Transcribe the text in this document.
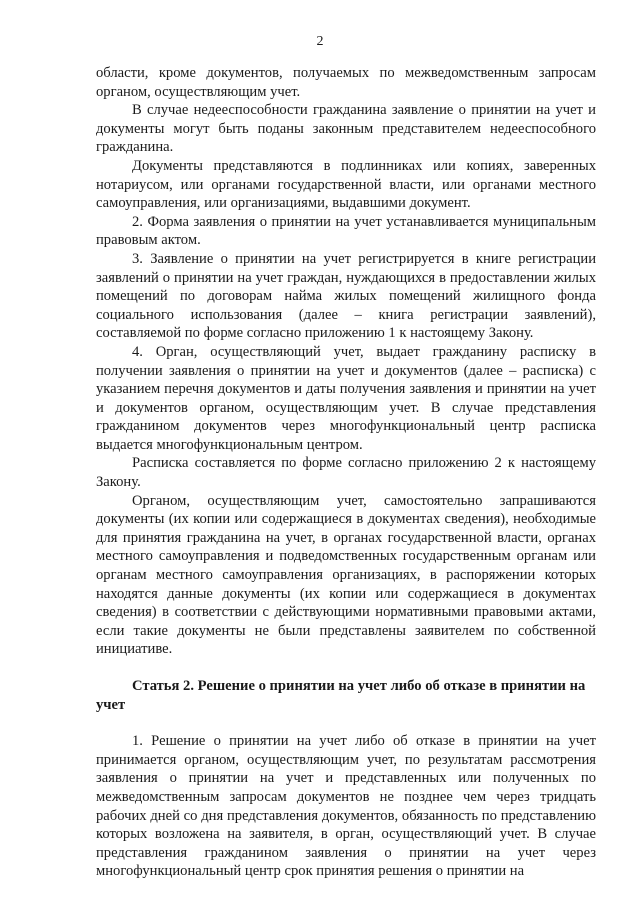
2

области, кроме документов, получаемых по межведомственным запросам органом, осуществляющим учет.

В случае недееспособности гражданина заявление о принятии на учет и документы могут быть поданы законным представителем недееспособного гражданина.

Документы представляются в подлинниках или копиях, заверенных нотариусом, или органами государственной власти, или органами местного самоуправления, или организациями, выдавшими документ.

2. Форма заявления о принятии на учет устанавливается муниципальным правовым актом.

3. Заявление о принятии на учет регистрируется в книге регистрации заявлений о принятии на учет граждан, нуждающихся в предоставлении жилых помещений по договорам найма жилых помещений жилищного фонда социального использования (далее – книга регистрации заявлений), составляемой по форме согласно приложению 1 к настоящему Закону.

4. Орган, осуществляющий учет, выдает гражданину расписку в получении заявления о принятии на учет и документов (далее – расписка) с указанием перечня документов и даты получения заявления и принятии на учет и документов органом, осуществляющим учет. В случае представления гражданином документов через многофункциональный центр расписка выдается многофункциональным центром.

Расписка составляется по форме согласно приложению 2 к настоящему Закону.

Органом, осуществляющим учет, самостоятельно запрашиваются документы (их копии или содержащиеся в документах сведения), необходимые для принятия гражданина на учет, в органах государственной власти, органах местного самоуправления и подведомственных государственным органам или органам местного самоуправления организациях, в распоряжении которых находятся данные документы (их копии или содержащиеся в документах сведения) в соответствии с действующими нормативными правовыми актами, если такие документы не были представлены заявителем по собственной инициативе.

Статья 2. Решение о принятии на учет либо об отказе в принятии на учет

1. Решение о принятии на учет либо об отказе в принятии на учет принимается органом, осуществляющим учет, по результатам рассмотрения заявления о принятии на учет и представленных или полученных по межведомственным запросам документов не позднее чем через тридцать рабочих дней со дня представления документов, обязанность по представлению которых возложена на заявителя, в орган, осуществляющий учет. В случае представления гражданином заявления о принятии на учет через многофункциональный центр срок принятия решения о принятии на
